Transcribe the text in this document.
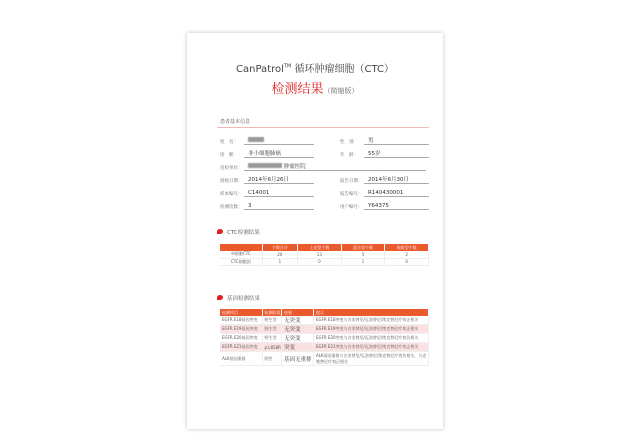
CanPatrol™ 循环肿瘤细胞（CTC）
检测结果（简缩版）
患者基本信息
姓　名：	性　别：	男
诊　断：	非小细胞肺癌	年　龄：	55岁
送检单位：	肿瘤医院
接收日期：	2014年6月26日	报告日期：	2014年6月30日
样本编号：	C14001	报告编号：	R140430001
检测次数：	3	用户编号：	Y64375
CTC检测结果
	个数合计	上皮型个数	混合型个数	间质型个数
单细胞CTC	20	13	5	2
CTC细胞团	1	0	1	0
基因检测结果
检测项目	检测阶段	结果	提示
EGFR E18基因突变	野生型	无突变	EGFR E18突变与吉非替尼/厄洛替尼/埃克替尼疗效正相关
EGFR E19基因突变	野生型	无突变	EGFR E19突变与吉非替尼/厄洛替尼/埃克替尼疗效正相关
EGFR E20基因突变	野生型	无突变	EGFR E20突变与吉非替尼/厄洛替尼/埃克替尼疗效负相关
EGFR E21基因突变	p.L858R	突变	EGFR E21突变与吉非替尼/厄洛替尼/埃克替尼疗效正相关
ALK基因重排	阴性	基因无重排	ALK基因重排与吉非替尼/厄洛替尼/埃克替尼疗效负相关，与克唑替尼疗效正相关
